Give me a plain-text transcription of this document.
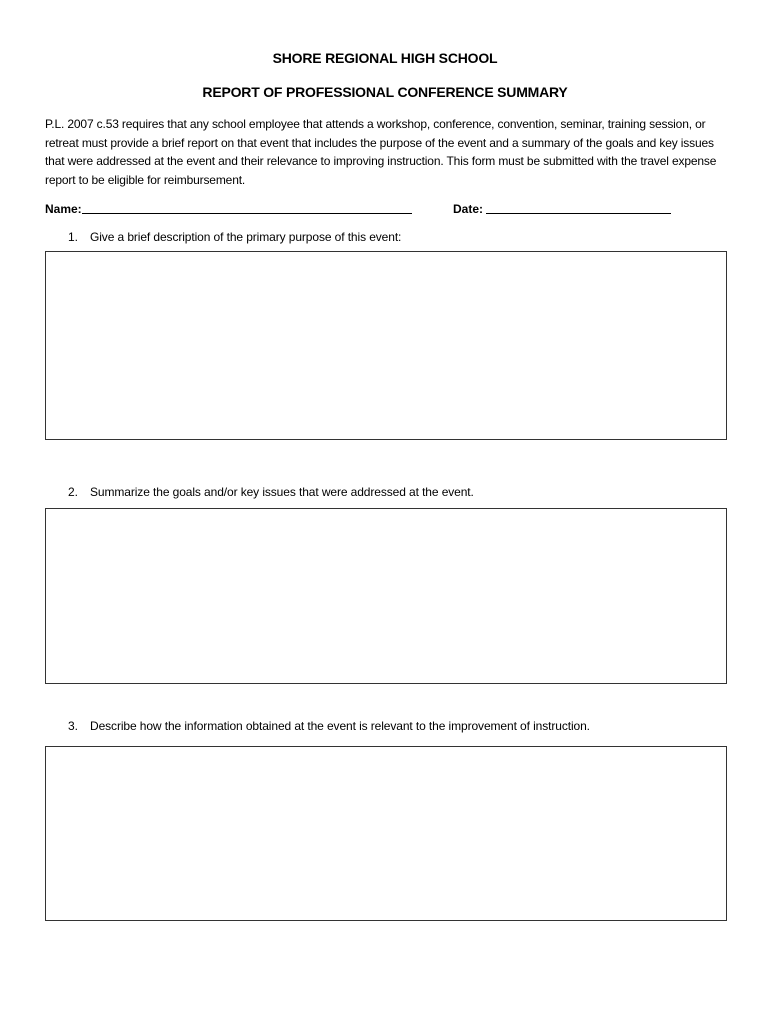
SHORE REGIONAL HIGH SCHOOL
REPORT OF PROFESSIONAL CONFERENCE SUMMARY

P.L. 2007 c.53 requires that any school employee that attends a workshop, conference, convention, seminar, training session, or retreat must provide a brief report on that event that includes the purpose of the event and a summary of the goals and key issues that were addressed at the event and their relevance to improving instruction. This form must be submitted with the travel expense report to be eligible for reimbursement.

Name:	Date:
1. Give a brief description of the primary purpose of this event:
2. Summarize the goals and/or key issues that were addressed at the event.
3. Describe how the information obtained at the event is relevant to the improvement of instruction.
